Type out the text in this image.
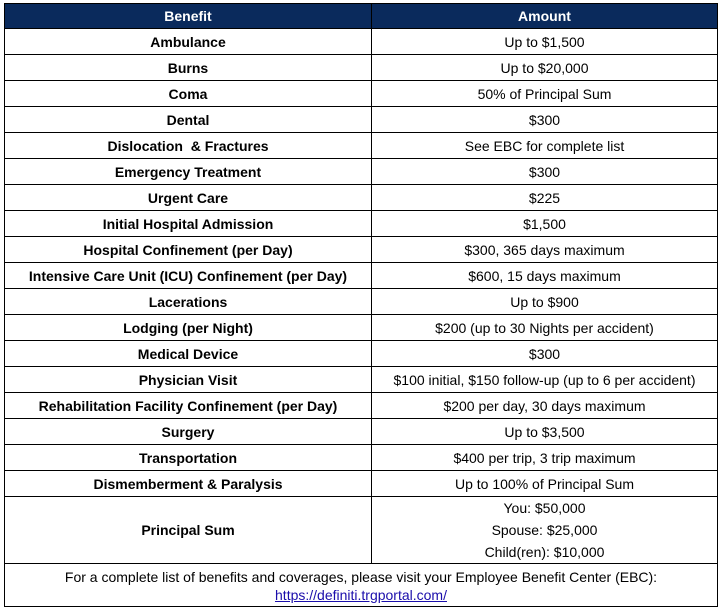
Benefit	Amount
Ambulance	Up to $1,500
Burns	Up to $20,000
Coma	50% of Principal Sum
Dental	$300
Dislocation  & Fractures	See EBC for complete list
Emergency Treatment	$300
Urgent Care	$225
Initial Hospital Admission	$1,500
Hospital Confinement (per Day)	$300, 365 days maximum
Intensive Care Unit (ICU) Confinement (per Day)	$600, 15 days maximum
Lacerations	Up to $900
Lodging (per Night)	$200 (up to 30 Nights per accident)
Medical Device	$300
Physician Visit	$100 initial, $150 follow-up (up to 6 per accident)
Rehabilitation Facility Confinement (per Day)	$200 per day, 30 days maximum
Surgery	Up to $3,500
Transportation	$400 per trip, 3 trip maximum
Dismemberment & Paralysis	Up to 100% of Principal Sum
Principal Sum	You: $50,000
Spouse: $25,000
Child(ren): $10,000

For a complete list of benefits and coverages, please visit your Employee Benefit Center (EBC):
https://definiti.trgportal.com/	
